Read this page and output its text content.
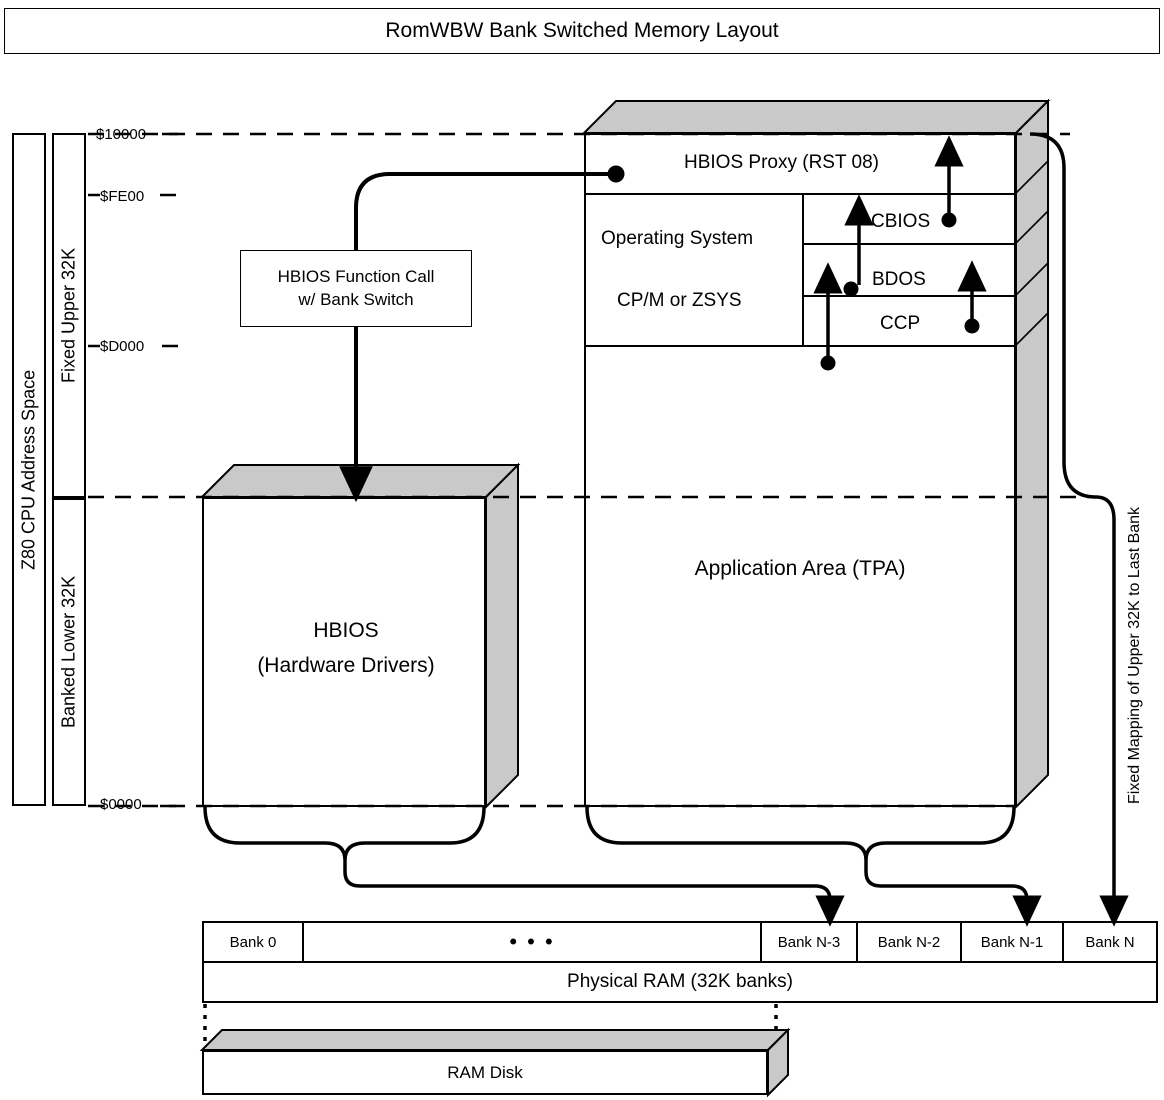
RomWBW Bank Switched Memory Layout
Z80 CPU Address Space
Fixed Upper 32K
Banked Lower 32K
$10000
$FE00
$D000
$0000
HBIOS
(Hardware Drivers)
HBIOS Proxy (RST 08)
Operating System
CP/M or ZSYS
CBIOS
BDOS
CCP
Application Area (TPA)
HBIOS Function Call
w/ Bank Switch
Fixed Mapping of Upper 32K to Last Bank
Bank 0	• • •	Bank N-3	Bank N-2	Bank N-1	Bank N
Physical RAM (32K banks)
RAM Disk
